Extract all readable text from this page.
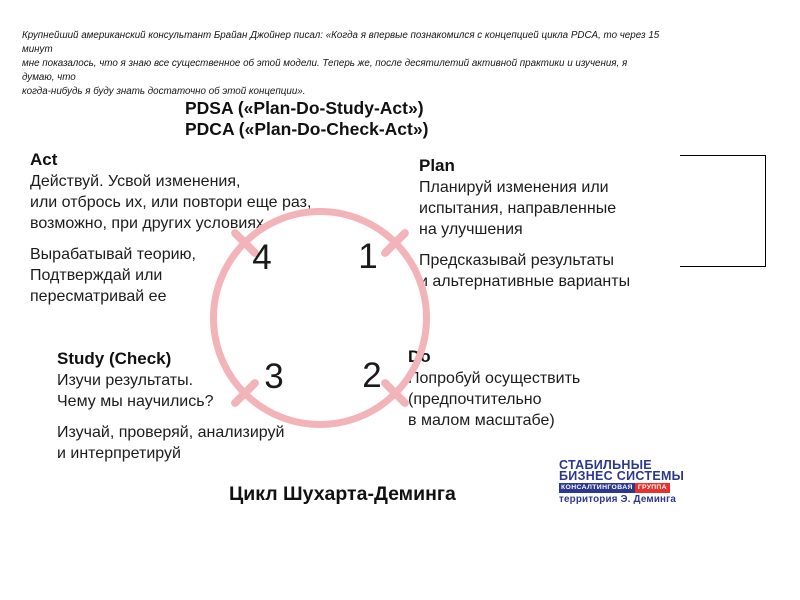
Крупнейший американский консультант Брайан Джойнер писал: «Когда я впервые познакомился с концепцией цикла PDCA, то через 15 минут
мне показалось, что я знаю все существенное об этой модели. Теперь же, после десятилетий активной практики и изучения, я думаю, что
когда-нибудь я буду знать достаточно об этой концепции».
PDSA («Plan-Do-Study-Act»)
PDCA («Plan-Do-Check-Act»)
Act

Действуй. Усвой изменения,
или отбрось их, или повтори еще раз,
возможно, при других условиях.

Вырабатывай теорию,
Подтверждай или
пересматривай ее

Plan

Планируй изменения или
испытания, направленные
на улучшения

Предсказывай результаты
и альтернативные варианты

Study (Check)

Изучи результаты.
Чему мы научились?

Изучай, проверяй, анализируй
и интерпретируй

Do

Попробуй осуществить
(предпочтительно
в малом масштабе)

4	1
3	2
Цикл Шухарта-Деминга
СТАБИЛЬНЫЕ
БИЗНЕС СИСТЕМЫ
КОНСАЛТИНГОВАЯ ГРУППА
территория Э. Деминга
